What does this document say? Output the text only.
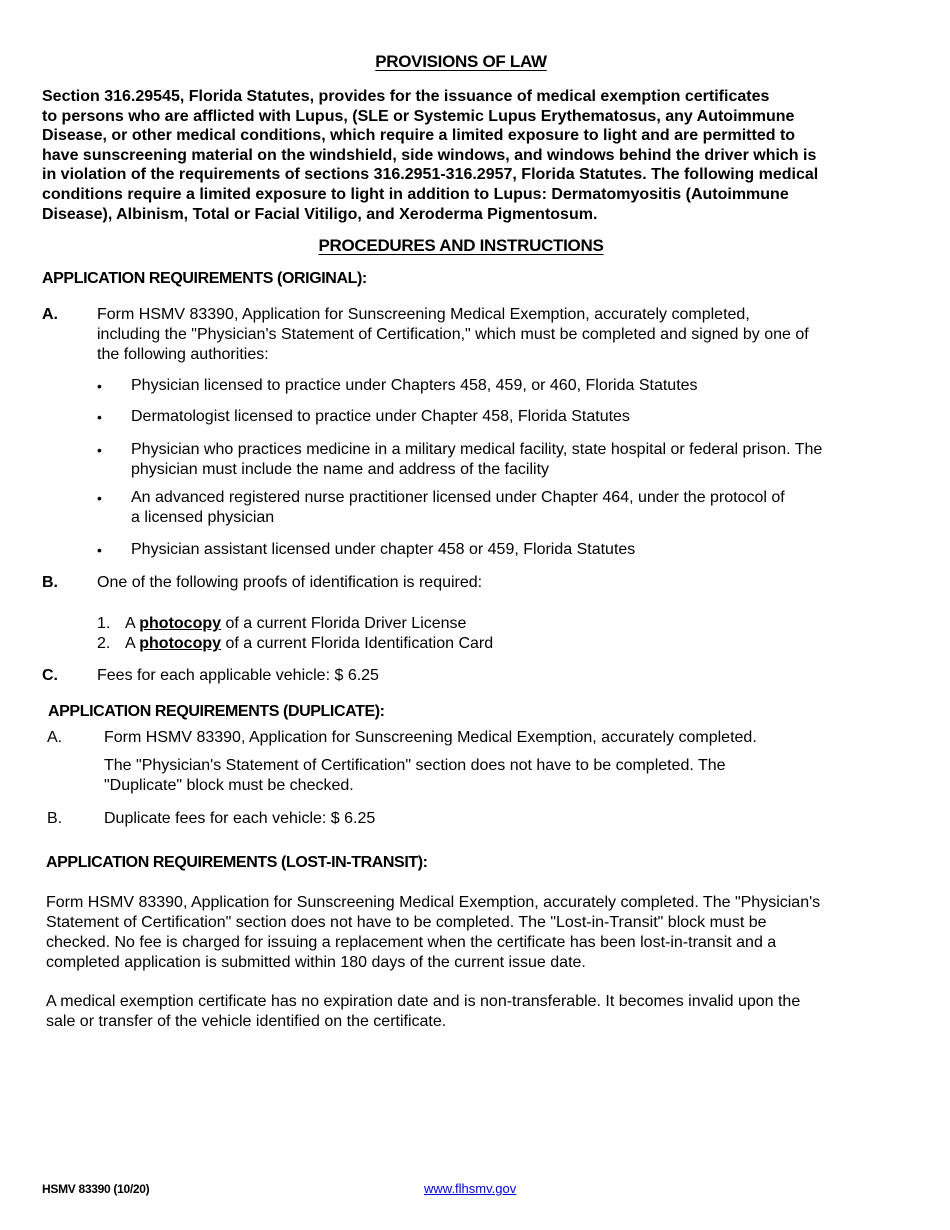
PROVISIONS OF LAW
Section 316.29545, Florida Statutes, provides for the issuance of medical exemption certificates
to persons who are afflicted with Lupus, (SLE or Systemic Lupus Erythematosus, any Autoimmune
Disease, or other medical conditions, which require a limited exposure to light and are permitted to
have sunscreening material on the windshield, side windows, and windows behind the driver which is
in violation of the requirements of sections 316.2951-316.2957, Florida Statutes. The following medical
conditions require a limited exposure to light in addition to Lupus: Dermatomyositis (Autoimmune
Disease), Albinism, Total or Facial Vitiligo, and Xeroderma Pigmentosum.
PROCEDURES AND INSTRUCTIONS
APPLICATION REQUIREMENTS (ORIGINAL):
A. Form HSMV 83390, Application for Sunscreening Medical Exemption, accurately completed,
including the "Physician's Statement of Certification," which must be completed and signed by one of
the following authorities:
• Physician licensed to practice under Chapters 458, 459, or 460, Florida Statutes
• Dermatologist licensed to practice under Chapter 458, Florida Statutes
• Physician who practices medicine in a military medical facility, state hospital or federal prison. The
physician must include the name and address of the facility
• An advanced registered nurse practitioner licensed under Chapter 464, under the protocol of
a licensed physician
• Physician assistant licensed under chapter 458 or 459, Florida Statutes
B. One of the following proofs of identification is required:
1. A photocopy of a current Florida Driver License
2. A photocopy of a current Florida Identification Card
C. Fees for each applicable vehicle: $ 6.25
APPLICATION REQUIREMENTS (DUPLICATE):
A.	Form HSMV 83390, Application for Sunscreening Medical Exemption, accurately completed.
The "Physician's Statement of Certification" section does not have to be completed. The
"Duplicate" block must be checked.
B.	Duplicate fees for each vehicle: $ 6.25
APPLICATION REQUIREMENTS (LOST-IN-TRANSIT):
Form HSMV 83390, Application for Sunscreening Medical Exemption, accurately completed. The "Physician's
Statement of Certification" section does not have to be completed. The "Lost-in-Transit" block must be
checked. No fee is charged for issuing a replacement when the certificate has been lost-in-transit and a
completed application is submitted within 180 days of the current issue date.
A medical exemption certificate has no expiration date and is non-transferable. It becomes invalid upon the
sale or transfer of the vehicle identified on the certificate.
HSMV 83390 (10/20)	www.flhsmv.gov
